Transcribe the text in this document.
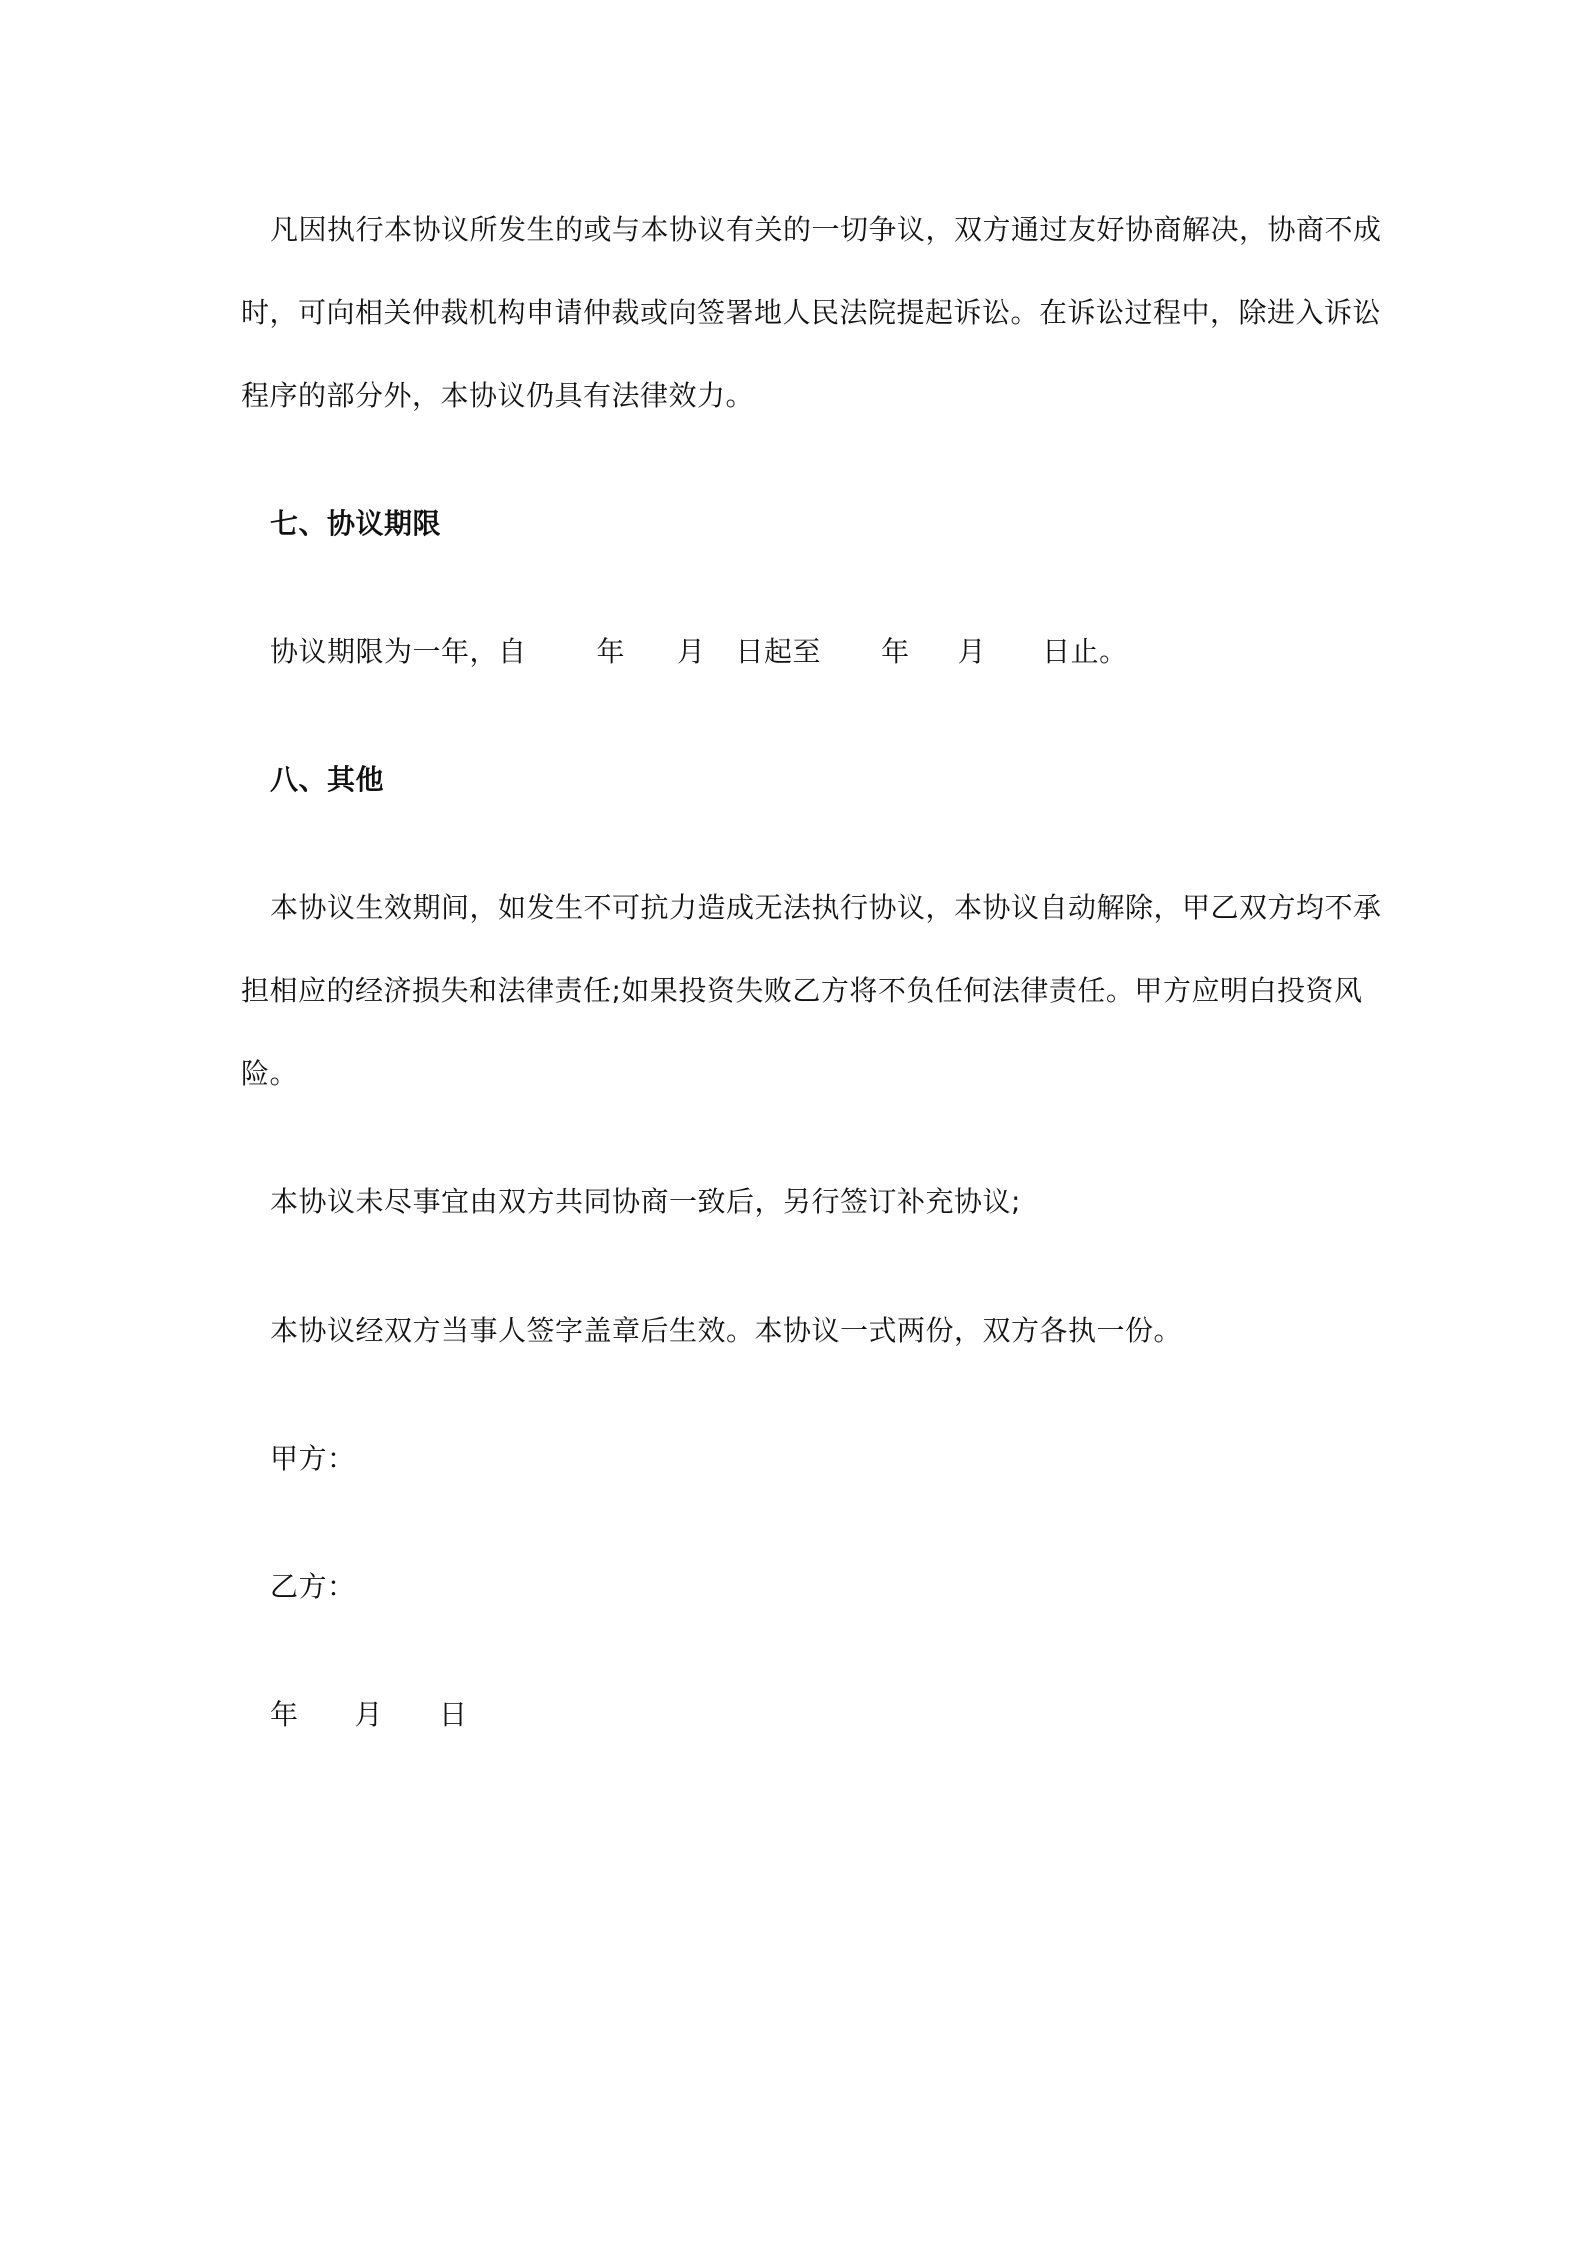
凡因执行本协议所发生的或与本协议有关的一切争议，双方通过友好协商解决，协商不成
时，可向相关仲裁机构申请仲裁或向签署地人民法院提起诉讼。在诉讼过程中，除进入诉讼
程序的部分外，本协议仍具有法律效力。
七、协议期限
协议期限为一年，自	年 月 日起至 年 月 日止。
八、其他
本协议生效期间，如发生不可抗力造成无法执行协议，本协议自动解除，甲乙双方均不承
担相应的经济损失和法律责任;如果投资失败乙方将不负任何法律责任。甲方应明白投资风
险。
本协议未尽事宜由双方共同协商一致后，另行签订补充协议;
本协议经双方当事人签字盖章后生效。本协议一式两份，双方各执一份。
甲方：
乙方：
年 月 日
